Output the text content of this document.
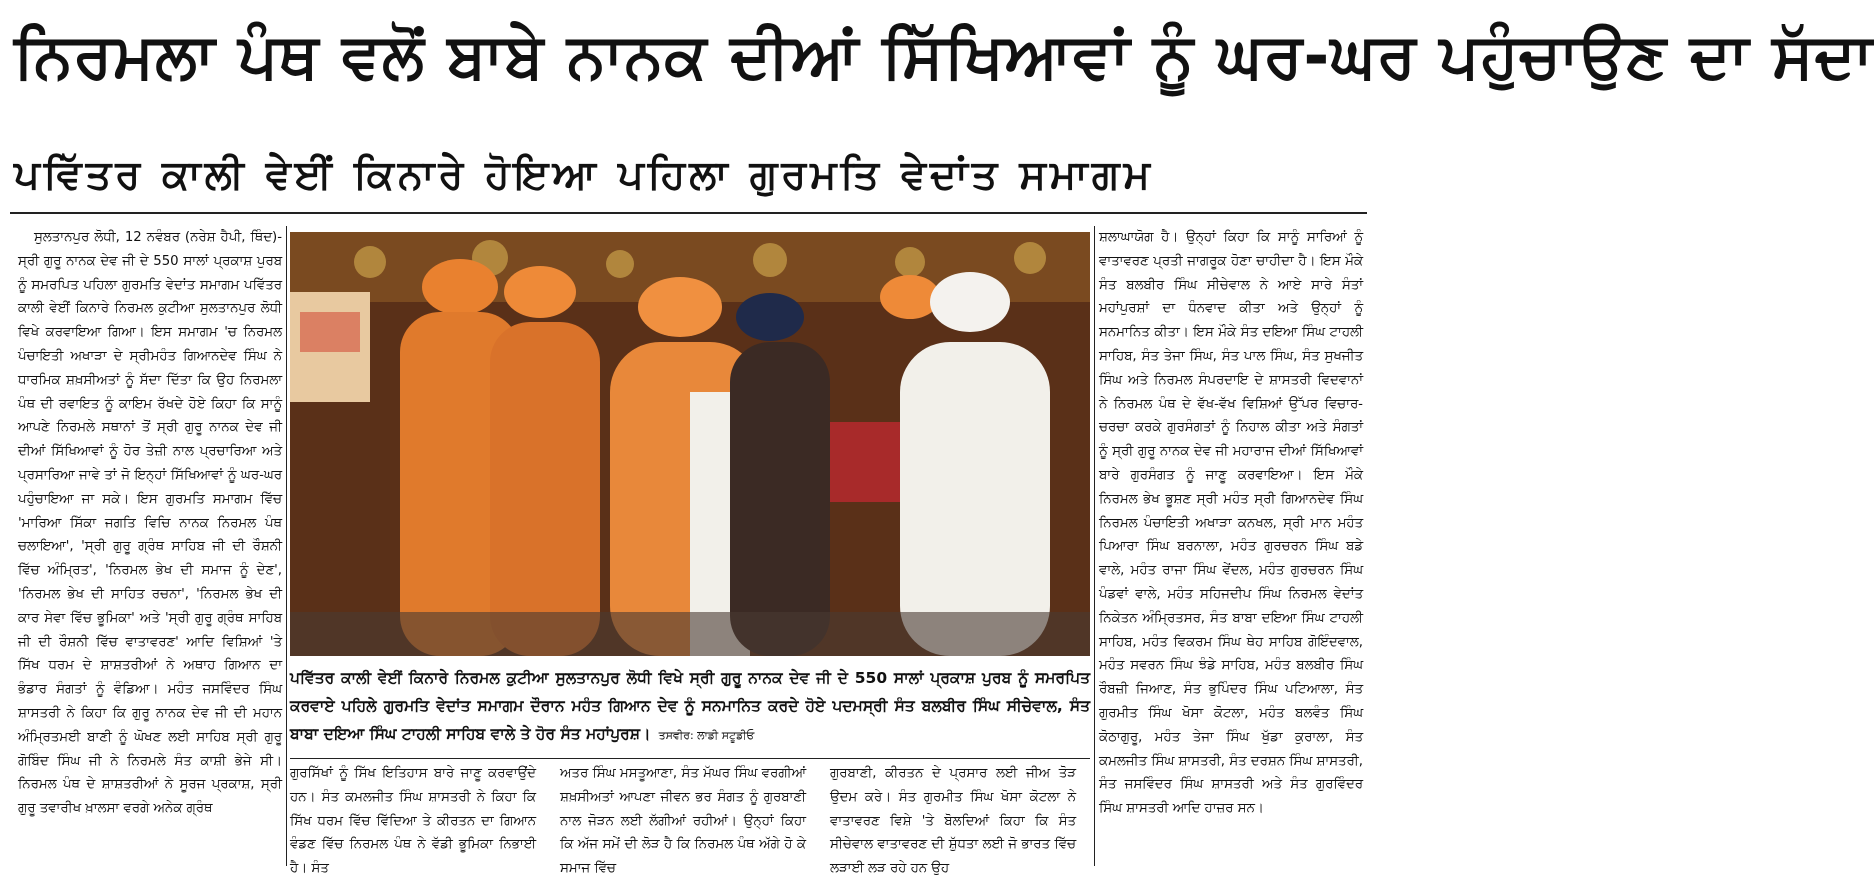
ਨਿਰਮਲਾ ਪੰਥ ਵਲੋਂ ਬਾਬੇ ਨਾਨਕ ਦੀਆਂ ਸਿੱਖਿਆਵਾਂ ਨੂੰ ਘਰ-ਘਰ ਪਹੁੰਚਾਉਣ ਦਾ ਸੱਦਾ
ਪਵਿੱਤਰ ਕਾਲੀ ਵੇਈਂ ਕਿਨਾਰੇ ਹੋਇਆ ਪਹਿਲਾ ਗੁਰਮਤਿ ਵੇਦਾਂਤ ਸਮਾਗਮ

ਸੁਲਤਾਨਪੁਰ ਲੋਧੀ, 12 ਨਵੰਬਰ (ਨਰੇਸ਼ ਹੈਪੀ, ਥਿੰਦ)-ਸ੍ਰੀ ਗੁਰੂ ਨਾਨਕ ਦੇਵ ਜੀ ਦੇ 550 ਸਾਲਾਂ ਪ੍ਰਕਾਸ਼ ਪੁਰਬ ਨੂੰ ਸਮਰਪਿਤ ਪਹਿਲਾ ਗੁਰਮਤਿ ਵੇਦਾਂਤ ਸਮਾਗਮ ਪਵਿੱਤਰ ਕਾਲੀ ਵੇਈਂ ਕਿਨਾਰੇ ਨਿਰਮਲ ਕੁਟੀਆ ਸੁਲਤਾਨਪੁਰ ਲੋਧੀ ਵਿਖੇ ਕਰਵਾਇਆ ਗਿਆ। ਇਸ ਸਮਾਗਮ 'ਚ ਨਿਰਮਲ ਪੰਚਾਇਤੀ ਅਖਾੜਾ ਦੇ ਸ੍ਰੀਮਹੰਤ ਗਿਆਨਦੇਵ ਸਿੰਘ ਨੇ ਧਾਰਮਿਕ ਸ਼ਖ਼ਸੀਅਤਾਂ ਨੂੰ ਸੱਦਾ ਦਿੱਤਾ ਕਿ ਉਹ ਨਿਰਮਲਾ ਪੰਥ ਦੀ ਰਵਾਇਤ ਨੂੰ ਕਾਇਮ ਰੱਖਦੇ ਹੋਏ ਕਿਹਾ ਕਿ ਸਾਨੂੰ ਆਪਣੇ ਨਿਰਮਲੇ ਸਥਾਨਾਂ ਤੋਂ ਸ੍ਰੀ ਗੁਰੂ ਨਾਨਕ ਦੇਵ ਜੀ ਦੀਆਂ ਸਿੱਖਿਆਵਾਂ ਨੂੰ ਹੋਰ ਤੇਜ਼ੀ ਨਾਲ ਪ੍ਰਚਾਰਿਆ ਅਤੇ ਪ੍ਰਸਾਰਿਆ ਜਾਵੇ ਤਾਂ ਜੋ ਇਨ੍ਹਾਂ ਸਿੱਖਿਆਵਾਂ ਨੂੰ ਘਰ-ਘਰ ਪਹੁੰਚਾਇਆ ਜਾ ਸਕੇ। ਇਸ ਗੁਰਮਤਿ ਸਮਾਗਮ ਵਿੱਚ 'ਮਾਰਿਆ ਸਿੱਕਾ ਜਗਤਿ ਵਿਚਿ ਨਾਨਕ ਨਿਰਮਲ ਪੰਥ ਚਲਾਇਆ', 'ਸ੍ਰੀ ਗੁਰੂ ਗ੍ਰੰਥ ਸਾਹਿਬ ਜੀ ਦੀ ਰੌਸ਼ਨੀ ਵਿੱਚ ਅੰਮ੍ਰਿਤ', 'ਨਿਰਮਲ ਭੇਖ ਦੀ ਸਮਾਜ ਨੂੰ ਦੇਣ', 'ਨਿਰਮਲ ਭੇਖ ਦੀ ਸਾਹਿਤ ਰਚਨਾ', 'ਨਿਰਮਲ ਭੇਖ ਦੀ ਕਾਰ ਸੇਵਾ ਵਿੱਚ ਭੂਮਿਕਾ' ਅਤੇ 'ਸ੍ਰੀ ਗੁਰੂ ਗ੍ਰੰਥ ਸਾਹਿਬ ਜੀ ਦੀ ਰੌਸ਼ਨੀ ਵਿੱਚ ਵਾਤਾਵਰਣ' ਆਦਿ ਵਿਸ਼ਿਆਂ 'ਤੇ ਸਿੱਖ ਧਰਮ ਦੇ ਸ਼ਾਸ਼ਤਰੀਆਂ ਨੇ ਅਥਾਹ ਗਿਆਨ ਦਾ ਭੰਡਾਰ ਸੰਗਤਾਂ ਨੂੰ ਵੰਡਿਆ। ਮਹੰਤ ਜਸਵਿੰਦਰ ਸਿੰਘ ਸ਼ਾਸਤਰੀ ਨੇ ਕਿਹਾ ਕਿ ਗੁਰੂ ਨਾਨਕ ਦੇਵ ਜੀ ਦੀ ਮਹਾਨ ਅੰਮ੍ਰਿਤਮਈ ਬਾਣੀ ਨੂੰ ਘੋਖਣ ਲਈ ਸਾਹਿਬ ਸ੍ਰੀ ਗੁਰੂ ਗੋਬਿੰਦ ਸਿੰਘ ਜੀ ਨੇ ਨਿਰਮਲੇ ਸੰਤ ਕਾਸ਼ੀ ਭੇਜੇ ਸੀ। ਨਿਰਮਲ ਪੰਥ ਦੇ ਸ਼ਾਸ਼ਤਰੀਆਂ ਨੇ ਸੂਰਜ ਪ੍ਰਕਾਸ਼, ਸ੍ਰੀ ਗੁਰੂ ਤਵਾਰੀਖ ਖ਼ਾਲਸਾ ਵਰਗੇ ਅਨੇਕ ਗ੍ਰੰਥ

ਪਵਿੱਤਰ ਕਾਲੀ ਵੇਈਂ ਕਿਨਾਰੇ ਨਿਰਮਲ ਕੁਟੀਆ ਸੁਲਤਾਨਪੁਰ ਲੋਧੀ ਵਿਖੇ ਸ੍ਰੀ ਗੁਰੂ ਨਾਨਕ ਦੇਵ ਜੀ ਦੇ 550 ਸਾਲਾਂ ਪ੍ਰਕਾਸ਼ ਪੁਰਬ ਨੂੰ ਸਮਰਪਿਤ ਕਰਵਾਏ ਪਹਿਲੇ ਗੁਰਮਤਿ ਵੇਦਾਂਤ ਸਮਾਗਮ ਦੌਰਾਨ ਮਹੰਤ ਗਿਆਨ ਦੇਵ ਨੂੰ ਸਨਮਾਨਿਤ ਕਰਦੇ ਹੋਏ ਪਦਮਸ੍ਰੀ ਸੰਤ ਬਲਬੀਰ ਸਿੰਘ ਸੀਚੇਵਾਲ, ਸੰਤ ਬਾਬਾ ਦਇਆ ਸਿੰਘ ਟਾਹਲੀ ਸਾਹਿਬ ਵਾਲੇ ਤੇ ਹੋਰ ਸੰਤ ਮਹਾਂਪੁਰਸ਼। ਤਸਵੀਰ: ਲਾਡੀ ਸਟੂਡੀਓ
ਗੁਰਸਿੱਖਾਂ ਨੂੰ ਸਿੱਖ ਇਤਿਹਾਸ ਬਾਰੇ ਜਾਣੂ ਕਰਵਾਉਂਦੇ ਹਨ। ਸੰਤ ਕਮਲਜੀਤ ਸਿੰਘ ਸ਼ਾਸਤਰੀ ਨੇ ਕਿਹਾ ਕਿ ਸਿੱਖ ਧਰਮ ਵਿੱਚ ਵਿੱਦਿਆ ਤੇ ਕੀਰਤਨ ਦਾ ਗਿਆਨ ਵੰਡਣ ਵਿੱਚ ਨਿਰਮਲ ਪੰਥ ਨੇ ਵੱਡੀ ਭੂਮਿਕਾ ਨਿਭਾਈ ਹੈ। ਸੰਤ
ਅਤਰ ਸਿੰਘ ਮਸਤੂਆਣਾ, ਸੰਤ ਮੱਘਰ ਸਿੰਘ ਵਰਗੀਆਂ ਸ਼ਖ਼ਸੀਅਤਾਂ ਆਪਣਾ ਜੀਵਨ ਭਰ ਸੰਗਤ ਨੂੰ ਗੁਰਬਾਣੀ ਨਾਲ ਜੋੜਨ ਲਈ ਲੱਗੀਆਂ ਰਹੀਆਂ। ਉਨ੍ਹਾਂ ਕਿਹਾ ਕਿ ਅੱਜ ਸਮੇਂ ਦੀ ਲੋੜ ਹੈ ਕਿ ਨਿਰਮਲ ਪੰਥ ਅੱਗੇ ਹੋ ਕੇ ਸਮਾਜ ਵਿੱਚ
ਗੁਰਬਾਣੀ, ਕੀਰਤਨ ਦੇ ਪ੍ਰਸਾਰ ਲਈ ਜੀਅ ਤੋੜ ਉਦਮ ਕਰੇ। ਸੰਤ ਗੁਰਮੀਤ ਸਿੰਘ ਖੋਸਾ ਕੋਟਲਾ ਨੇ ਵਾਤਾਵਰਣ ਵਿਸ਼ੇ 'ਤੇ ਬੋਲਦਿਆਂ ਕਿਹਾ ਕਿ ਸੰਤ ਸੀਚੇਵਾਲ ਵਾਤਾਵਰਣ ਦੀ ਸ਼ੁੱਧਤਾ ਲਈ ਜੋ ਭਾਰਤ ਵਿੱਚ ਲੜਾਈ ਲੜ ਰਹੇ ਹਨ ਉਹ
ਸ਼ਲਾਘਾਯੋਗ ਹੈ। ਉਨ੍ਹਾਂ ਕਿਹਾ ਕਿ ਸਾਨੂੰ ਸਾਰਿਆਂ ਨੂੰ ਵਾਤਾਵਰਣ ਪ੍ਰਤੀ ਜਾਗਰੂਕ ਹੋਣਾ ਚਾਹੀਦਾ ਹੈ। ਇਸ ਮੌਕੇ ਸੰਤ ਬਲਬੀਰ ਸਿੰਘ ਸੀਚੇਵਾਲ ਨੇ ਆਏ ਸਾਰੇ ਸੰਤਾਂ ਮਹਾਂਪੁਰਸ਼ਾਂ ਦਾ ਧੰਨਵਾਦ ਕੀਤਾ ਅਤੇ ਉਨ੍ਹਾਂ ਨੂੰ ਸਨਮਾਨਿਤ ਕੀਤਾ। ਇਸ ਮੌਕੇ ਸੰਤ ਦਇਆ ਸਿੰਘ ਟਾਹਲੀ ਸਾਹਿਬ, ਸੰਤ ਤੇਜਾ ਸਿੰਘ, ਸੰਤ ਪਾਲ ਸਿੰਘ, ਸੰਤ ਸੁਖਜੀਤ ਸਿੰਘ ਅਤੇ ਨਿਰਮਲ ਸੰਪਰਦਾਇ ਦੇ ਸ਼ਾਸਤਰੀ ਵਿਦਵਾਨਾਂ ਨੇ ਨਿਰਮਲ ਪੰਥ ਦੇ ਵੱਖ-ਵੱਖ ਵਿਸ਼ਿਆਂ ਉੱਪਰ ਵਿਚਾਰ-ਚਰਚਾ ਕਰਕੇ ਗੁਰਸੰਗਤਾਂ ਨੂੰ ਨਿਹਾਲ ਕੀਤਾ ਅਤੇ ਸੰਗਤਾਂ ਨੂੰ ਸ੍ਰੀ ਗੁਰੂ ਨਾਨਕ ਦੇਵ ਜੀ ਮਹਾਰਾਜ ਦੀਆਂ ਸਿੱਖਿਆਵਾਂ ਬਾਰੇ ਗੁਰਸੰਗਤ ਨੂੰ ਜਾਣੂ ਕਰਵਾਇਆ। ਇਸ ਮੌਕੇ ਨਿਰਮਲ ਭੇਖ ਭੂਸ਼ਣ ਸ੍ਰੀ ਮਹੰਤ ਸ੍ਰੀ ਗਿਆਨਦੇਵ ਸਿੰਘ ਨਿਰਮਲ ਪੰਚਾਇਤੀ ਅਖਾੜਾ ਕਨਖਲ, ਸ੍ਰੀ ਮਾਨ ਮਹੰਤ ਪਿਆਰਾ ਸਿੰਘ ਬਰਨਾਲਾ, ਮਹੰਤ ਗੁਰਚਰਨ ਸਿੰਘ ਬਡੇ ਵਾਲੇ, ਮਹੰਤ ਰਾਜਾ ਸਿੰਘ ਵੇਂਦਲ, ਮਹੰਤ ਗੁਰਚਰਨ ਸਿੰਘ ਪੰਡਵਾਂ ਵਾਲੇ, ਮਹੰਤ ਸਹਿਜਦੀਪ ਸਿੰਘ ਨਿਰਮਲ ਵੇਦਾਂਤ ਨਿਕੇਤਨ ਅੰਮ੍ਰਿਤਸਰ, ਸੰਤ ਬਾਬਾ ਦਇਆ ਸਿੰਘ ਟਾਹਲੀ ਸਾਹਿਬ, ਮਹੰਤ ਵਿਕਰਮ ਸਿੰਘ ਥੇਹ ਸਾਹਿਬ ਗੋਇੰਦਵਾਲ, ਮਹੰਤ ਸਵਰਨ ਸਿੰਘ ਝੰਡੇ ਸਾਹਿਬ, ਮਹੰਤ ਬਲਬੀਰ ਸਿੰਘ ਰੌਬਜ਼ੀ ਜਿਆਣ, ਸੰਤ ਭੁਪਿੰਦਰ ਸਿੰਘ ਪਟਿਆਲਾ, ਸੰਤ ਗੁਰਮੀਤ ਸਿੰਘ ਖੋਸਾ ਕੋਟਲਾ, ਮਹੰਤ ਬਲਵੰਤ ਸਿੰਘ ਕੋਠਾਗੁਰੂ, ਮਹੰਤ ਤੇਜਾ ਸਿੰਘ ਖੁੱਡਾ ਕੁਰਾਲਾ, ਸੰਤ ਕਮਲਜੀਤ ਸਿੰਘ ਸ਼ਾਸਤਰੀ, ਸੰਤ ਦਰਸ਼ਨ ਸਿੰਘ ਸ਼ਾਸਤਰੀ, ਸੰਤ ਜਸਵਿੰਦਰ ਸਿੰਘ ਸ਼ਾਸਤਰੀ ਅਤੇ ਸੰਤ ਗੁਰਵਿੰਦਰ ਸਿੰਘ ਸ਼ਾਸਤਰੀ ਆਦਿ ਹਾਜ਼ਰ ਸਨ।
